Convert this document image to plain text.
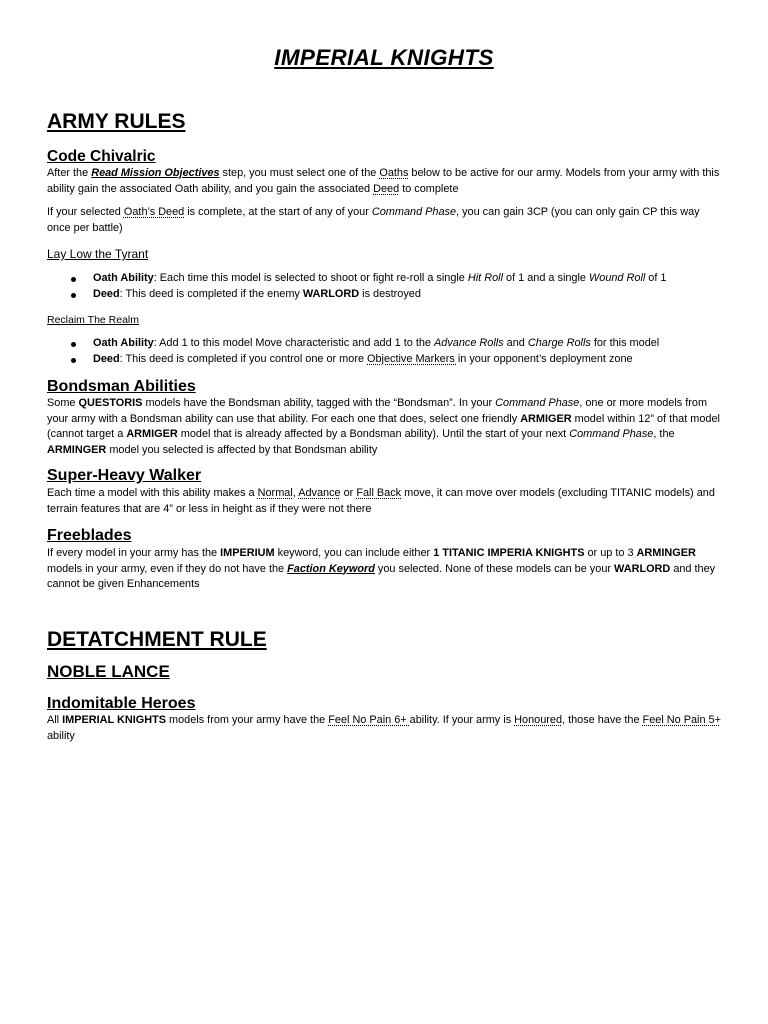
IMPERIAL KNIGHTS
ARMY RULES
Code Chivalric
After the Read Mission Objectives step, you must select one of the Oaths below to be active for our army. Models from your army with this ability gain the associated Oath ability, and you gain the associated Deed to complete
If your selected Oath’s Deed is complete, at the start of any of your Command Phase, you can gain 3CP (you can only gain CP this way once per battle)
Lay Low the Tyrant
Oath Ability: Each time this model is selected to shoot or fight re-roll a single Hit Roll of 1 and a single Wound Roll of 1
Deed: This deed is completed if the enemy WARLORD is destroyed
Reclaim The Realm
Oath Ability: Add 1 to this model Move characteristic and add 1 to the Advance Rolls and Charge Rolls for this model
Deed: This deed is completed if you control one or more Objective Markers in your opponent’s deployment zone
Bondsman Abilities
Some QUESTORIS models have the Bondsman ability, tagged with the “Bondsman”. In your Command Phase, one or more models from your army with a Bondsman ability can use that ability. For each one that does, select one friendly ARMIGER model within 12” of that model (cannot target a ARMIGER model that is already affected by a Bondsman ability). Until the start of your next Command Phase, the ARMINGER model you selected is affected by that Bondsman ability
Super-Heavy Walker
Each time a model with this ability makes a Normal, Advance or Fall Back move, it can move over models (excluding TITANIC models) and terrain features that are 4” or less in height as if they were not there
Freeblades
If every model in your army has the IMPERIUM keyword, you can include either 1 TITANIC IMPERIA KNIGHTS or up to 3 ARMINGER models in your army, even if they do not have the Faction Keyword you selected. None of these models can be your WARLORD and they cannot be given Enhancements
DETATCHMENT RULE
NOBLE LANCE
Indomitable Heroes
All IMPERIAL KNIGHTS models from your army have the Feel No Pain 6+ ability. If your army is Honoured, those have the Feel No Pain 5+ ability
